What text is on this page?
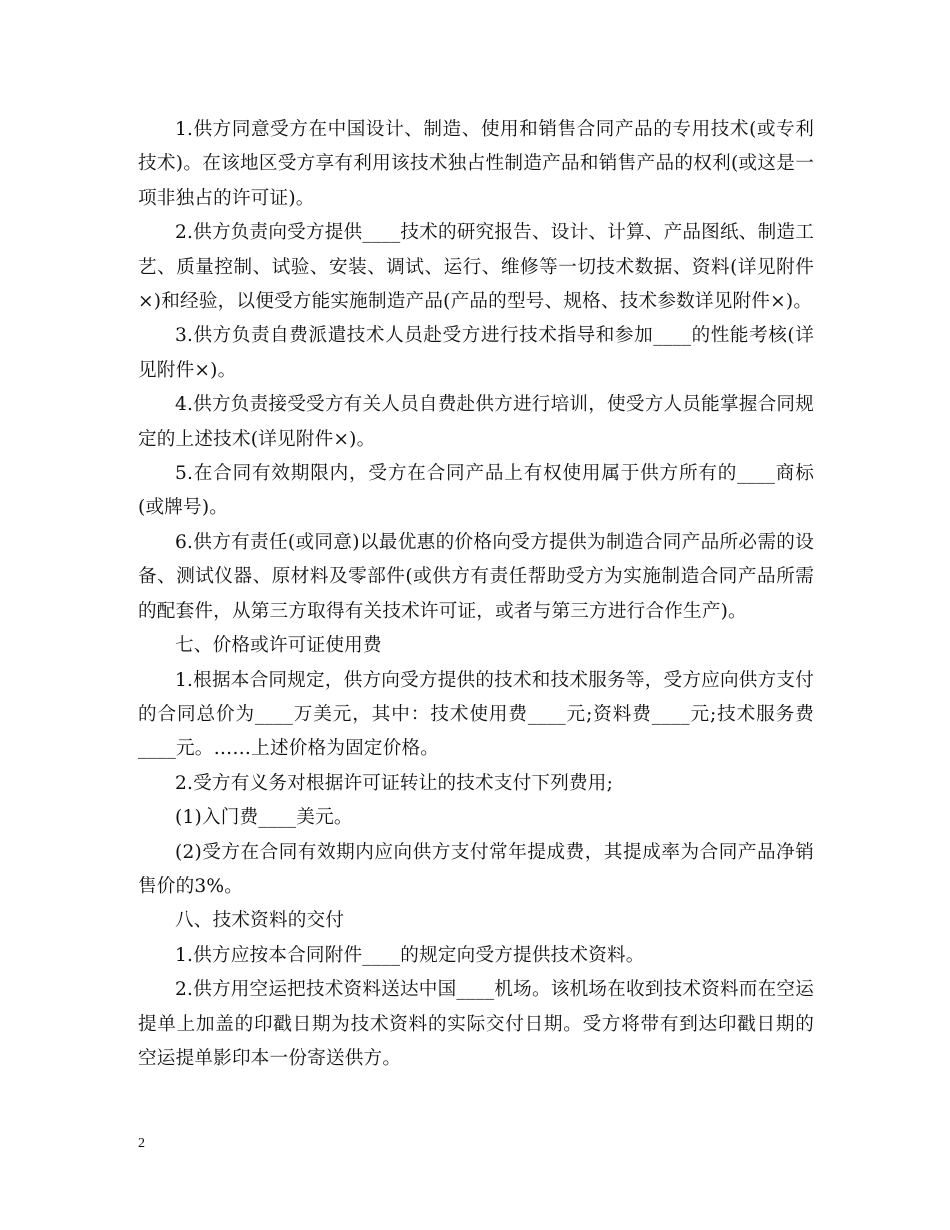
1.供方同意受方在中国设计、制造、使用和销售合同产品的专用技术(或专利技术)。在该地区受方享有利用该技术独占性制造产品和销售产品的权利(或这是一项非独占的许可证)。

2.供方负责向受方提供____技术的研究报告、设计、计算、产品图纸、制造工艺、质量控制、试验、安装、调试、运行、维修等一切技术数据、资料(详见附件×)和经验，以便受方能实施制造产品(产品的型号、规格、技术参数详见附件×)。

3.供方负责自费派遣技术人员赴受方进行技术指导和参加____的性能考核(详见附件×)。

4.供方负责接受受方有关人员自费赴供方进行培训，使受方人员能掌握合同规定的上述技术(详见附件×)。

5.在合同有效期限内，受方在合同产品上有权使用属于供方所有的____商标(或牌号)。

6.供方有责任(或同意)以最优惠的价格向受方提供为制造合同产品所必需的设备、测试仪器、原材料及零部件(或供方有责任帮助受方为实施制造合同产品所需的配套件，从第三方取得有关技术许可证，或者与第三方进行合作生产)。

七、价格或许可证使用费

1.根据本合同规定，供方向受方提供的技术和技术服务等，受方应向供方支付的合同总价为____万美元，其中：技术使用费____元;资料费____元;技术服务费____元。……上述价格为固定价格。

2.受方有义务对根据许可证转让的技术支付下列费用;

(1)入门费____美元。

(2)受方在合同有效期内应向供方支付常年提成费，其提成率为合同产品净销售价的3%。

八、技术资料的交付

1.供方应按本合同附件____的规定向受方提供技术资料。

2.供方用空运把技术资料送达中国____机场。该机场在收到技术资料而在空运提单上加盖的印戳日期为技术资料的实际交付日期。受方将带有到达印戳日期的空运提单影印本一份寄送供方。

2
